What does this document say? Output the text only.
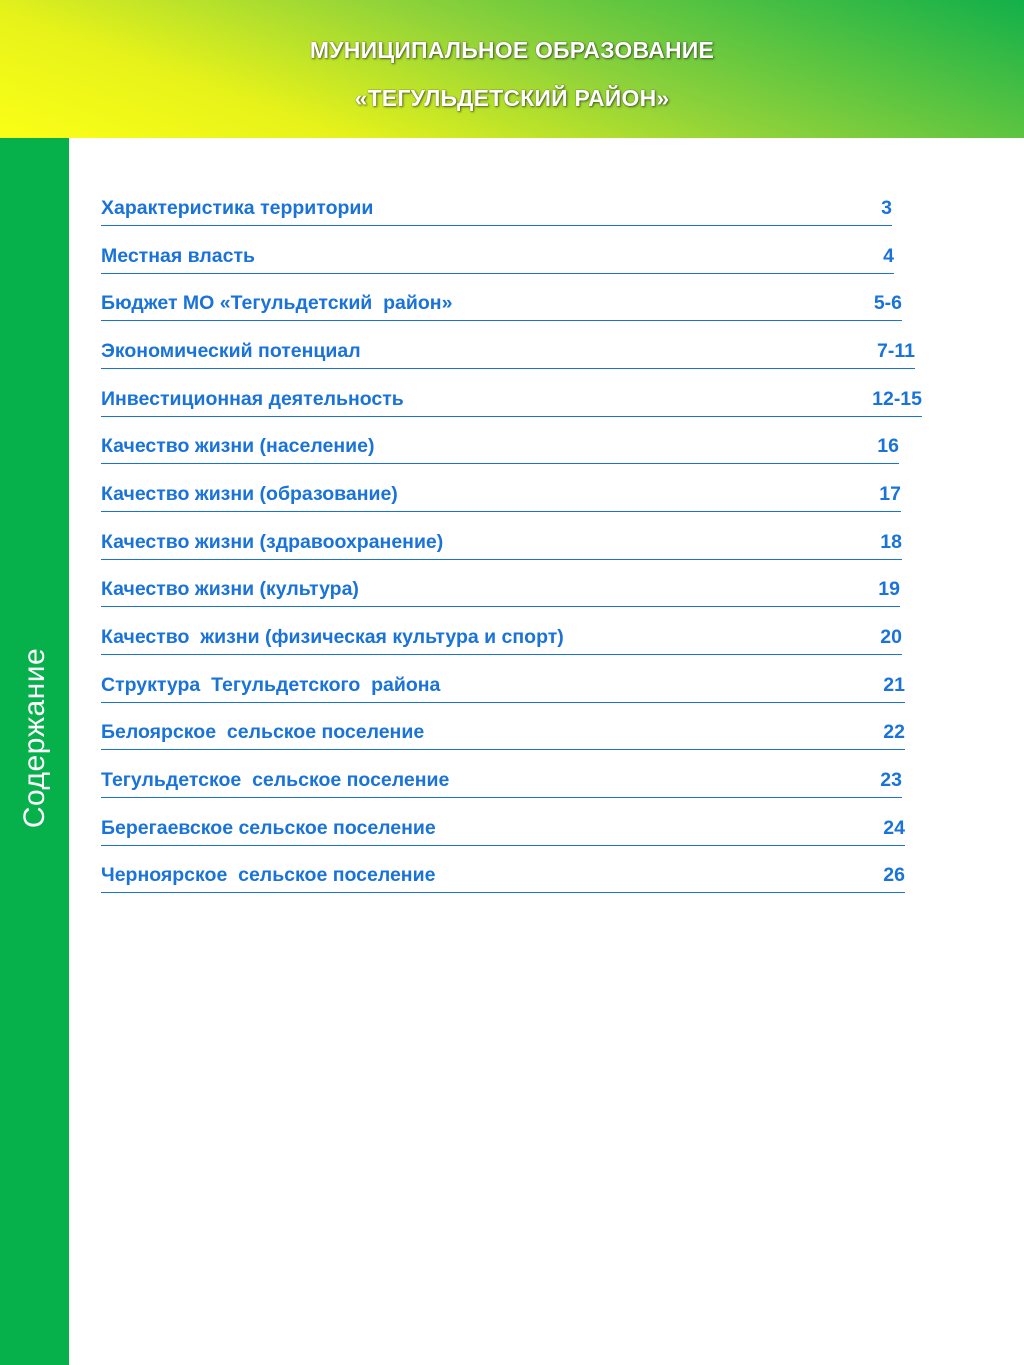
МУНИЦИПАЛЬНОЕ ОБРАЗОВАНИЕ
«ТЕГУЛЬДЕТСКИЙ РАЙОН»
Содержание
Характеристика территории	3
Местная власть	4
Бюджет МО «Тегульдетский  район»	5-6
Экономический потенциал	7-11
Инвестиционная деятельность	12-15
Качество жизни (население)	16
Качество жизни (образование)	17
Качество жизни (здравоохранение)	18
Качество жизни (культура)	19
Качество  жизни (физическая культура и спорт)	20
Структура  Тегульдетского  района	21
Белоярское  сельское поселение	22
Тегульдетское  сельское поселение	23
Берегаевское сельское поселение	24
Черноярское  сельское поселение	26
